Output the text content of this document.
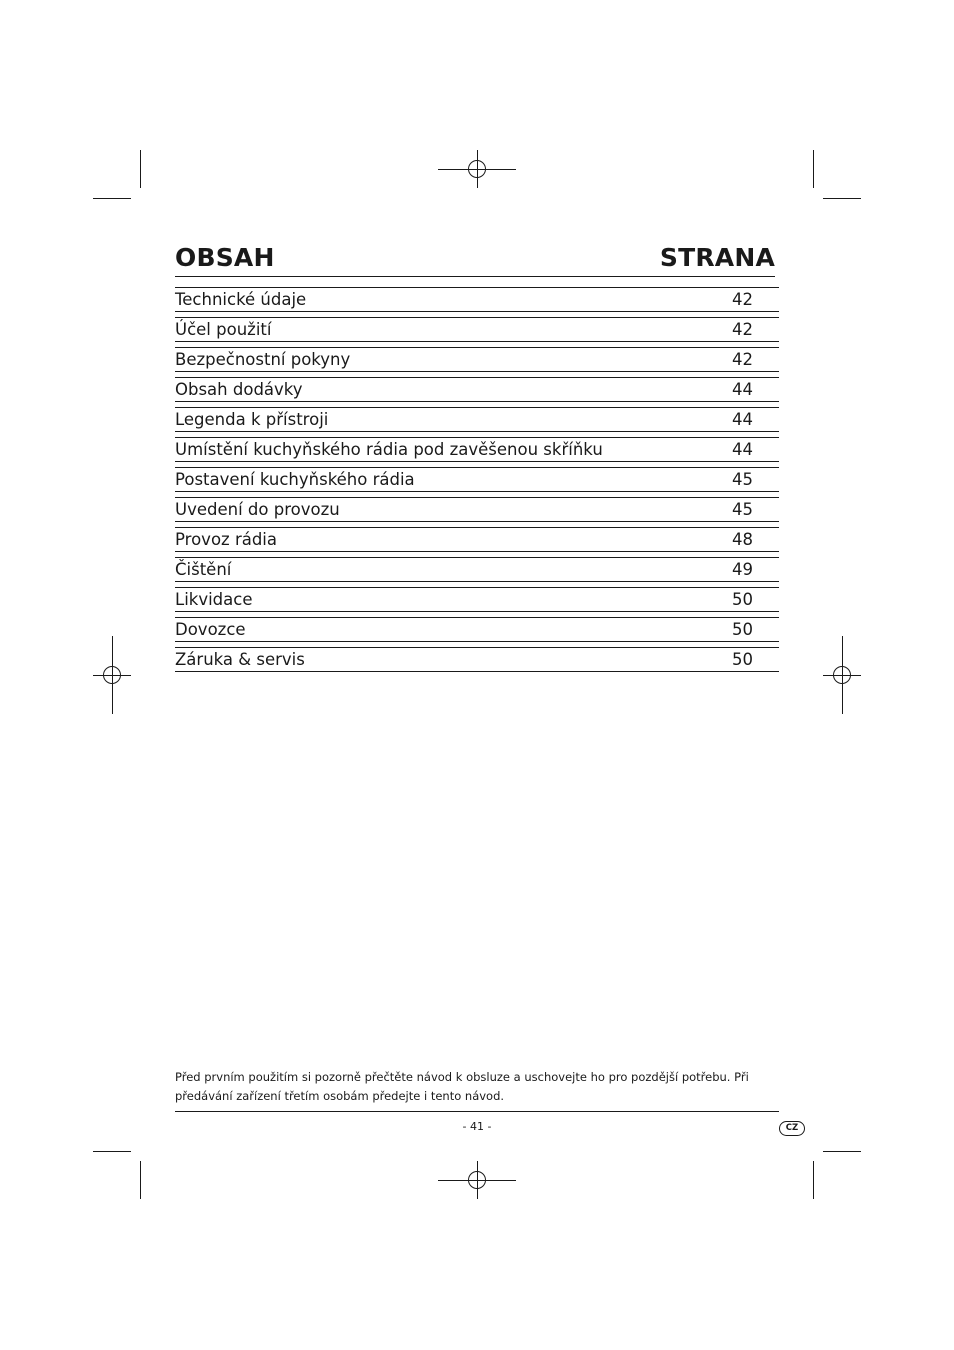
OBSAH	STRANA
Technické údaje	42
Účel použití	42
Bezpečnostní pokyny	42
Obsah dodávky	44
Legenda k přístroji	44
Umístění kuchyňského rádia pod zavěšenou skříňku	44
Postavení kuchyňského rádia	45
Uvedení do provozu	45
Provoz rádia	48
Čištění	49
Likvidace	50
Dovozce	50
Záruka & servis	50
Před prvním použitím si pozorně přečtěte návod k obsluze a uschovejte ho pro pozdější potřebu. Při předávání zařízení třetím osobám předejte i tento návod.
- 41 -	CZ
